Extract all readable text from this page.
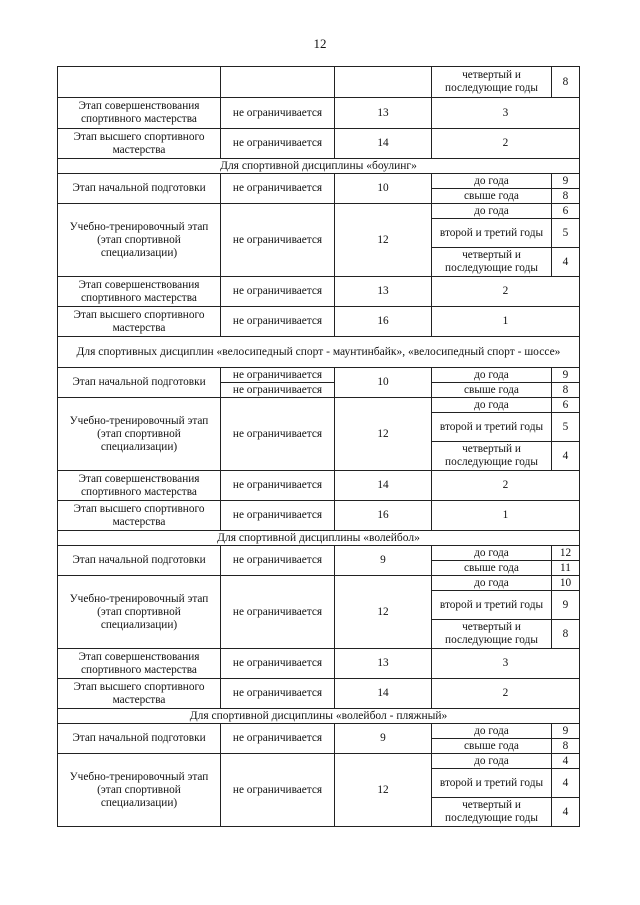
12
			четвертый и последующие годы	8
Этап совершенствования спортивного мастерства	не ограничивается	13	3	
Этап высшего спортивного мастерства	не ограничивается	14	2	
Для спортивной дисциплины «боулинг»				
Этап начальной подготовки	не ограничивается	10	до года	9
			свыше года	8
Учебно-тренировочный этап (этап спортивной специализации)	не ограничивается	12	до года	6
			второй и третий годы	5
			четвертый и последующие годы	4
Этап совершенствования спортивного мастерства	не ограничивается	13	2	
Этап высшего спортивного мастерства	не ограничивается	16	1	
Для спортивных дисциплин «велосипедный спорт - маунтинбайк», «велосипедный спорт - шоссе»				
Этап начальной подготовки	не ограничивается	10	до года	9
	не ограничивается		свыше года	8
Учебно-тренировочный этап (этап спортивной специализации)	не ограничивается	12	до года	6
			второй и третий годы	5
			четвертый и последующие годы	4
Этап совершенствования спортивного мастерства	не ограничивается	14	2	
Этап высшего спортивного мастерства	не ограничивается	16	1	
Для спортивной дисциплины «волейбол»				
Этап начальной подготовки	не ограничивается	9	до года	12
			свыше года	11
Учебно-тренировочный этап (этап спортивной специализации)	не ограничивается	12	до года	10
			второй и третий годы	9
			четвертый и последующие годы	8
Этап совершенствования спортивного мастерства	не ограничивается	13	3	
Этап высшего спортивного мастерства	не ограничивается	14	2	
Для спортивной дисциплины «волейбол - пляжный»				
Этап начальной подготовки	не ограничивается	9	до года	9
			свыше года	8
Учебно-тренировочный этап (этап спортивной специализации)	не ограничивается	12	до года	4
			второй и третий годы	4
			четвертый и последующие годы	4
